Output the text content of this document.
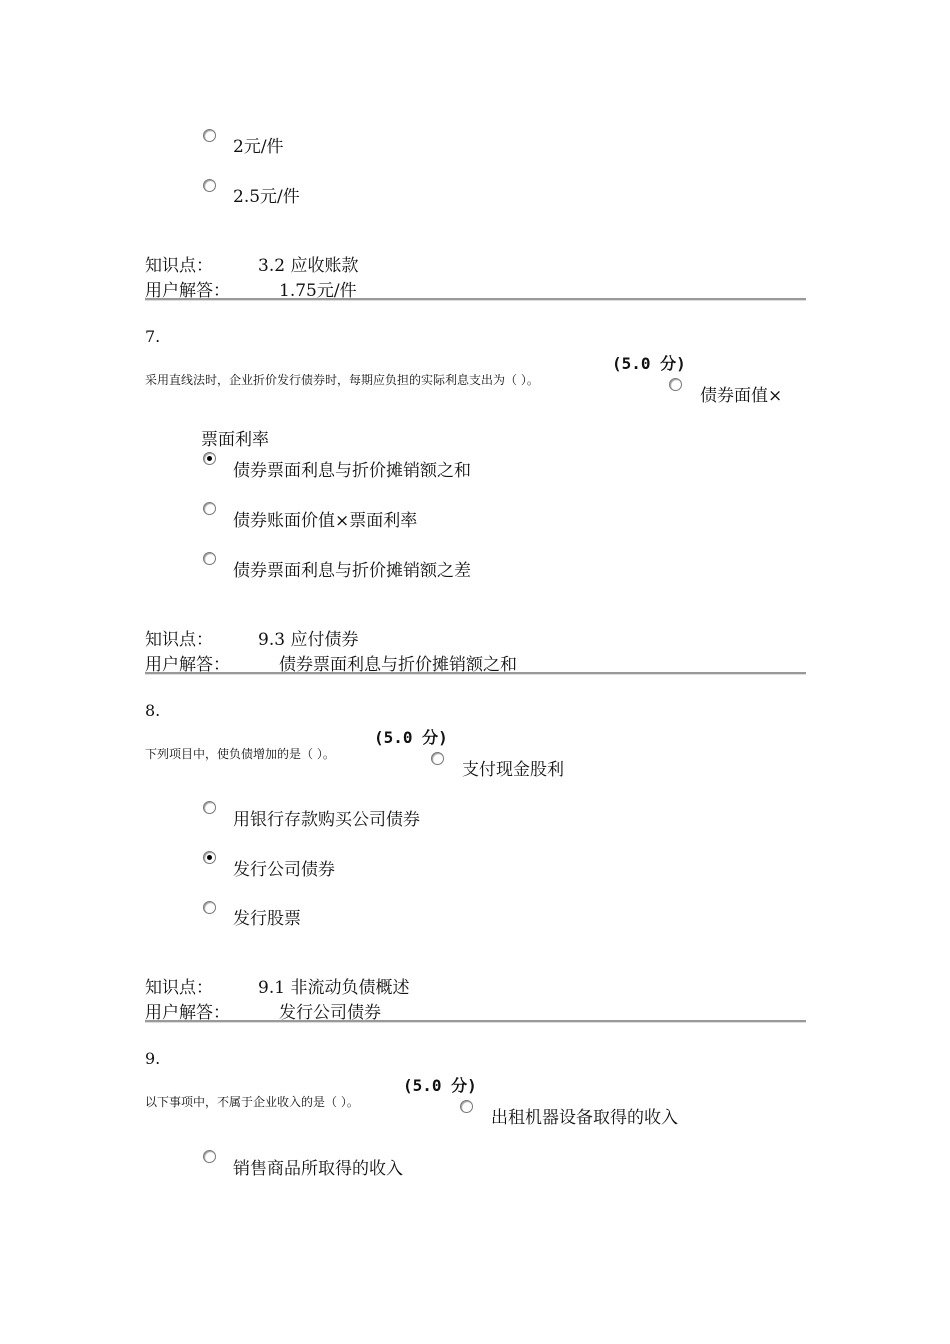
2元/件
2.5元/件
知识点：	3.2 应收账款
用户解答：	1.75元/件
7.
采用直线法时，企业折价发行债券时，每期应负担的实际利息支出为（ ）。
(5.0 分)
债券面值×
票面利率
债券票面利息与折价摊销额之和
债券账面价值×票面利率
债券票面利息与折价摊销额之差
知识点：	9.3 应付债券
用户解答：	债券票面利息与折价摊销额之和
8.
下列项目中，使负债增加的是（ ）。
(5.0 分)
支付现金股利
用银行存款购买公司债券
发行公司债券
发行股票
知识点：	9.1 非流动负债概述
用户解答：	发行公司债券
9.
以下事项中，不属于企业收入的是（ ）。
(5.0 分)
出租机器设备取得的收入
销售商品所取得的收入
